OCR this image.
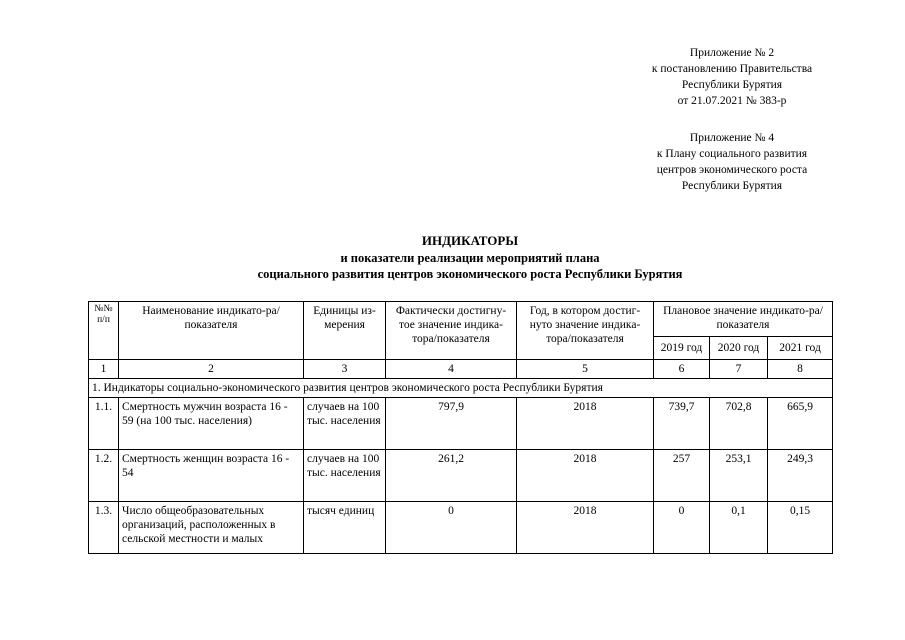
Приложение № 2
к постановлению Правительства
Республики Бурятия
от 21.07.2021 № 383-р
Приложение № 4
к Плану социального развития
центров экономического роста
Республики Бурятия
ИНДИКАТОРЫ
и показатели реализации мероприятий плана
социального развития центров экономического роста Республики Бурятия
№№ п/п	Наименование индикато-ра/показателя	Единицы из-мерения	Фактически достигну-тое значение индика-тора/показателя	Год, в котором достиг-нуто значение индика-тора/показателя	Плановое значение индикато-ра/показателя		
					2019 год	2020 год	2021 год
1	2	3	4	5	6	7	8
1. Индикаторы социально-экономического развития центров экономического роста Республики Бурятия							
1.1.	Смертность мужчин возраста 16 - 59 (на 100 тыс. населения)	случаев на 100 тыс. населения	797,9	2018	739,7	702,8	665,9
1.2.	Смертность женщин возраста 16 - 54	случаев на 100 тыс. населения	261,2	2018	257	253,1	249,3
1.3.	Число общеобразовательных организаций, расположенных в сельской местности и малых	тысяч единиц	0	2018	0	0,1	0,15
